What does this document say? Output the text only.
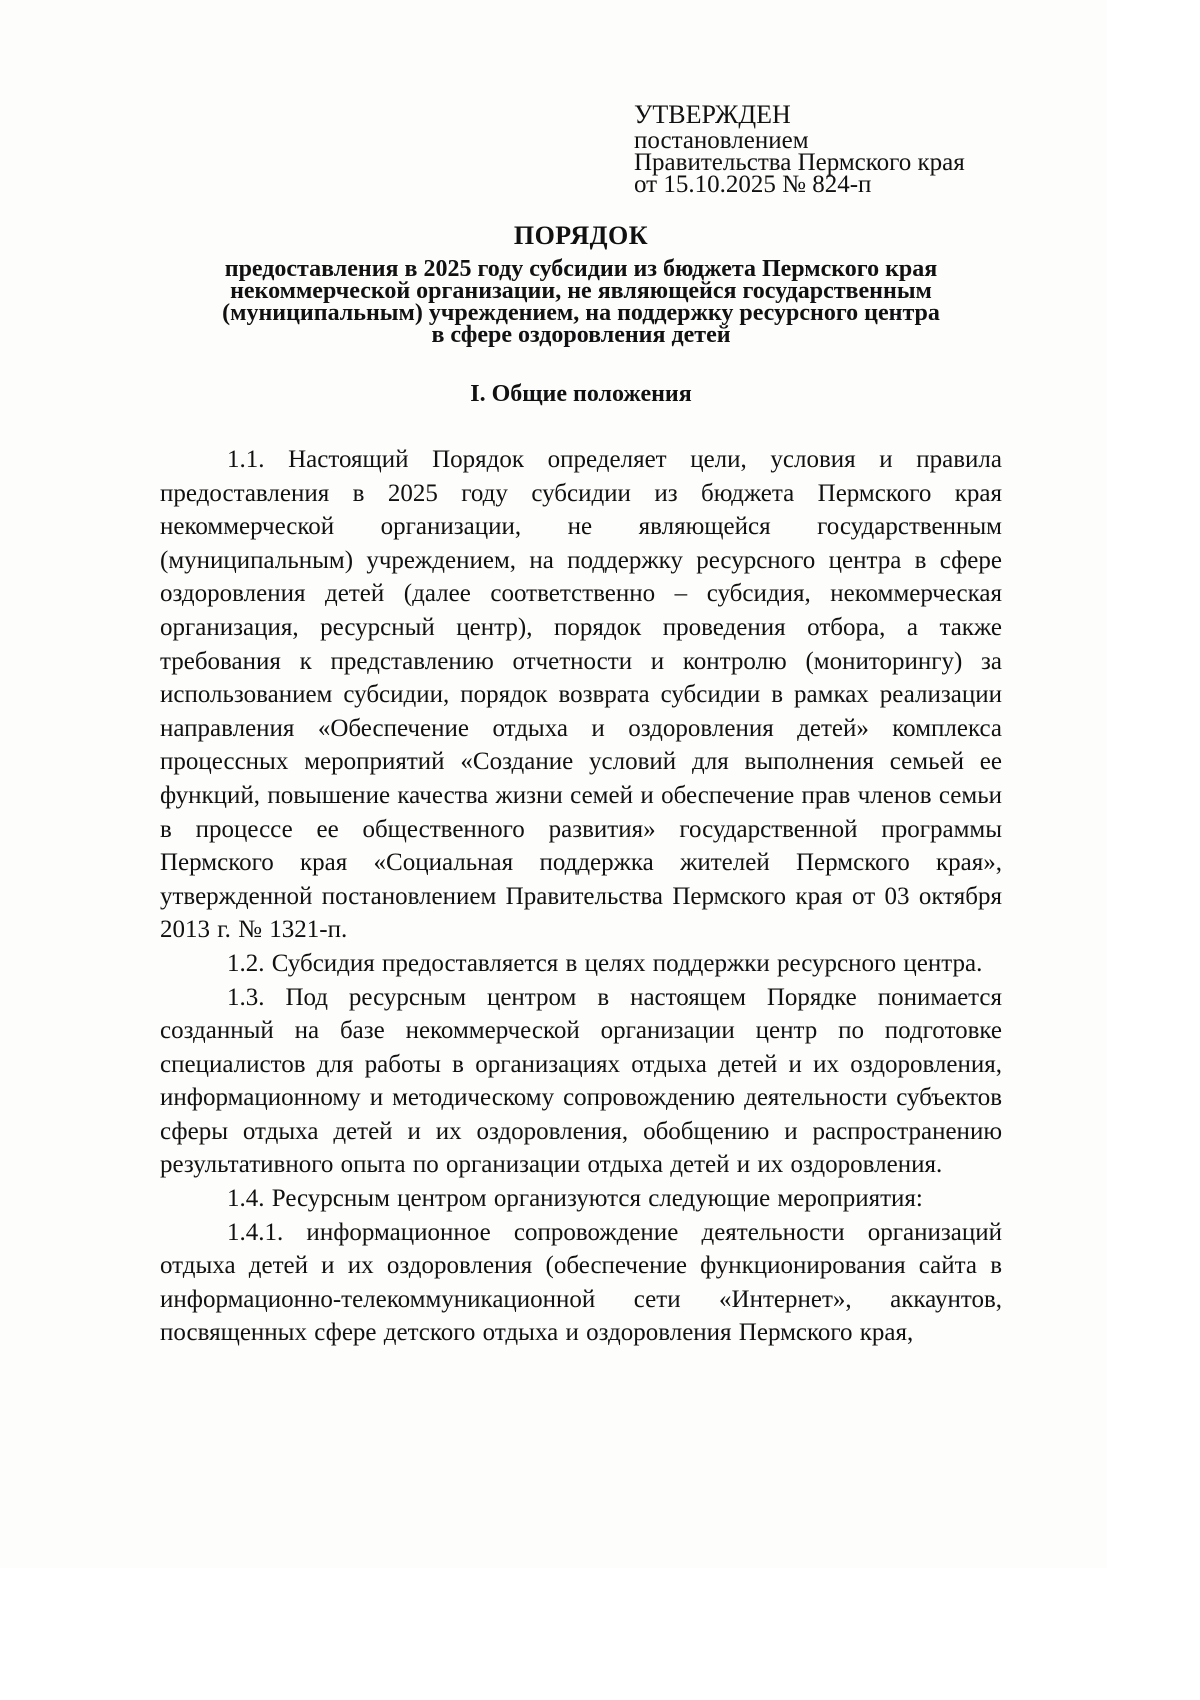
УТВЕРЖДЕН
постановлением
Правительства Пермского края
от 15.10.2025 № 824-п
ПОРЯДОК
предоставления в 2025 году субсидии из бюджета Пермского края
некоммерческой организации, не являющейся государственным
(муниципальным) учреждением, на поддержку ресурсного центра
в сфере оздоровления детей
I. Общие положения

1.1. Настоящий Порядок определяет цели, условия и правила предоставления в 2025 году субсидии из бюджета Пермского края некоммерческой организации, не являющейся государственным (муниципальным) учреждением, на поддержку ресурсного центра в сфере оздоровления детей (далее соответственно – субсидия, некоммерческая организация, ресурсный центр), порядок проведения отбора, а также требования к представлению отчетности и контролю (мониторингу) за использованием субсидии, порядок возврата субсидии в рамках реализации направления «Обеспечение отдыха и оздоровления детей» комплекса процессных мероприятий «Создание условий для выполнения семьей ее функций, повышение качества жизни семей и обеспечение прав членов семьи в процессе ее общественного развития» государственной программы Пермского края «Социальная поддержка жителей Пермского края», утвержденной постановлением Правительства Пермского края от 03 октября 2013 г. № 1321-п.

1.2. Субсидия предоставляется в целях поддержки ресурсного центра.

1.3. Под ресурсным центром в настоящем Порядке понимается созданный на базе некоммерческой организации центр по подготовке специалистов для работы в организациях отдыха детей и их оздоровления, информационному и методическому сопровождению деятельности субъектов сферы отдыха детей и их оздоровления, обобщению и распространению результативного опыта по организации отдыха детей и их оздоровления.

1.4. Ресурсным центром организуются следующие мероприятия:

1.4.1. информационное сопровождение деятельности организаций отдыха детей и их оздоровления (обеспечение функционирования сайта в информационно-телекоммуникационной сети «Интернет», аккаунтов, посвященных сфере детского отдыха и оздоровления Пермского края,
